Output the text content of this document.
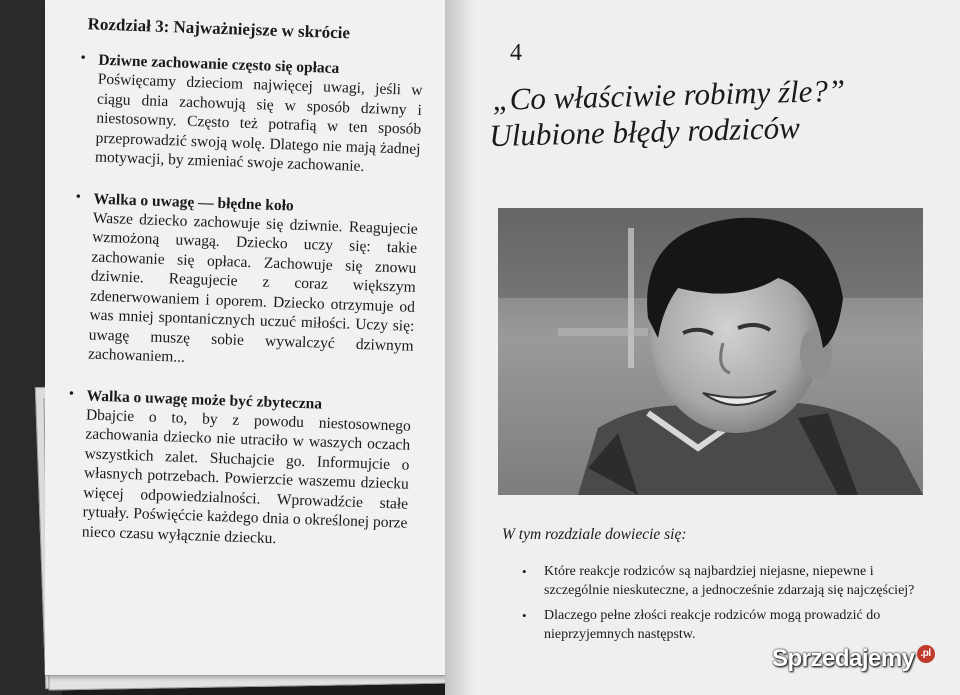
Rozdział 3: Najważniejsze w skrócie
• Dziwne zachowanie często się opłaca
Poświęcamy dzieciom najwięcej uwagi, jeśli w ciągu dnia zachowują się w sposób dziwny i niestosowny. Często też potrafią w ten sposób przeprowadzić swoją wolę. Dlatego nie mają żadnej motywacji, by zmieniać swoje zachowanie.
• Walka o uwagę — błędne koło
Wasze dziecko zachowuje się dziwnie. Reagujecie wzmożoną uwagą. Dziecko uczy się: takie zachowanie się opłaca. Zachowuje się znowu dziwnie. Reagujecie z coraz większym zdenerwowaniem i oporem. Dziecko otrzymuje od was mniej spontanicznych uczuć miłości. Uczy się: uwagę muszę sobie wywalczyć dziwnym zachowaniem...
• Walka o uwagę może być zbyteczna
Dbajcie o to, by z powodu niestosownego zachowania dziecko nie utraciło w waszych oczach wszystkich zalet. Słuchajcie go. Informujcie o własnych potrzebach. Powierzcie waszemu dziecku więcej odpowiedzialności. Wprowadźcie stałe rytuały. Poświęćcie każdego dnia o określonej porze nieco czasu wyłącznie dziecku.
4
„Co właściwie robimy źle?”
Ulubione błędy rodziców
W tym rozdziale dowiecie się:
• Które reakcje rodziców są najbardziej niejasne, niepewne i szczególnie nieskuteczne, a jednocześnie zdarzają się najczęściej?
• Dlaczego pełne złości reakcje rodziców mogą prowadzić do nieprzyjemnych następstw.
Sprzedajemy .pl
